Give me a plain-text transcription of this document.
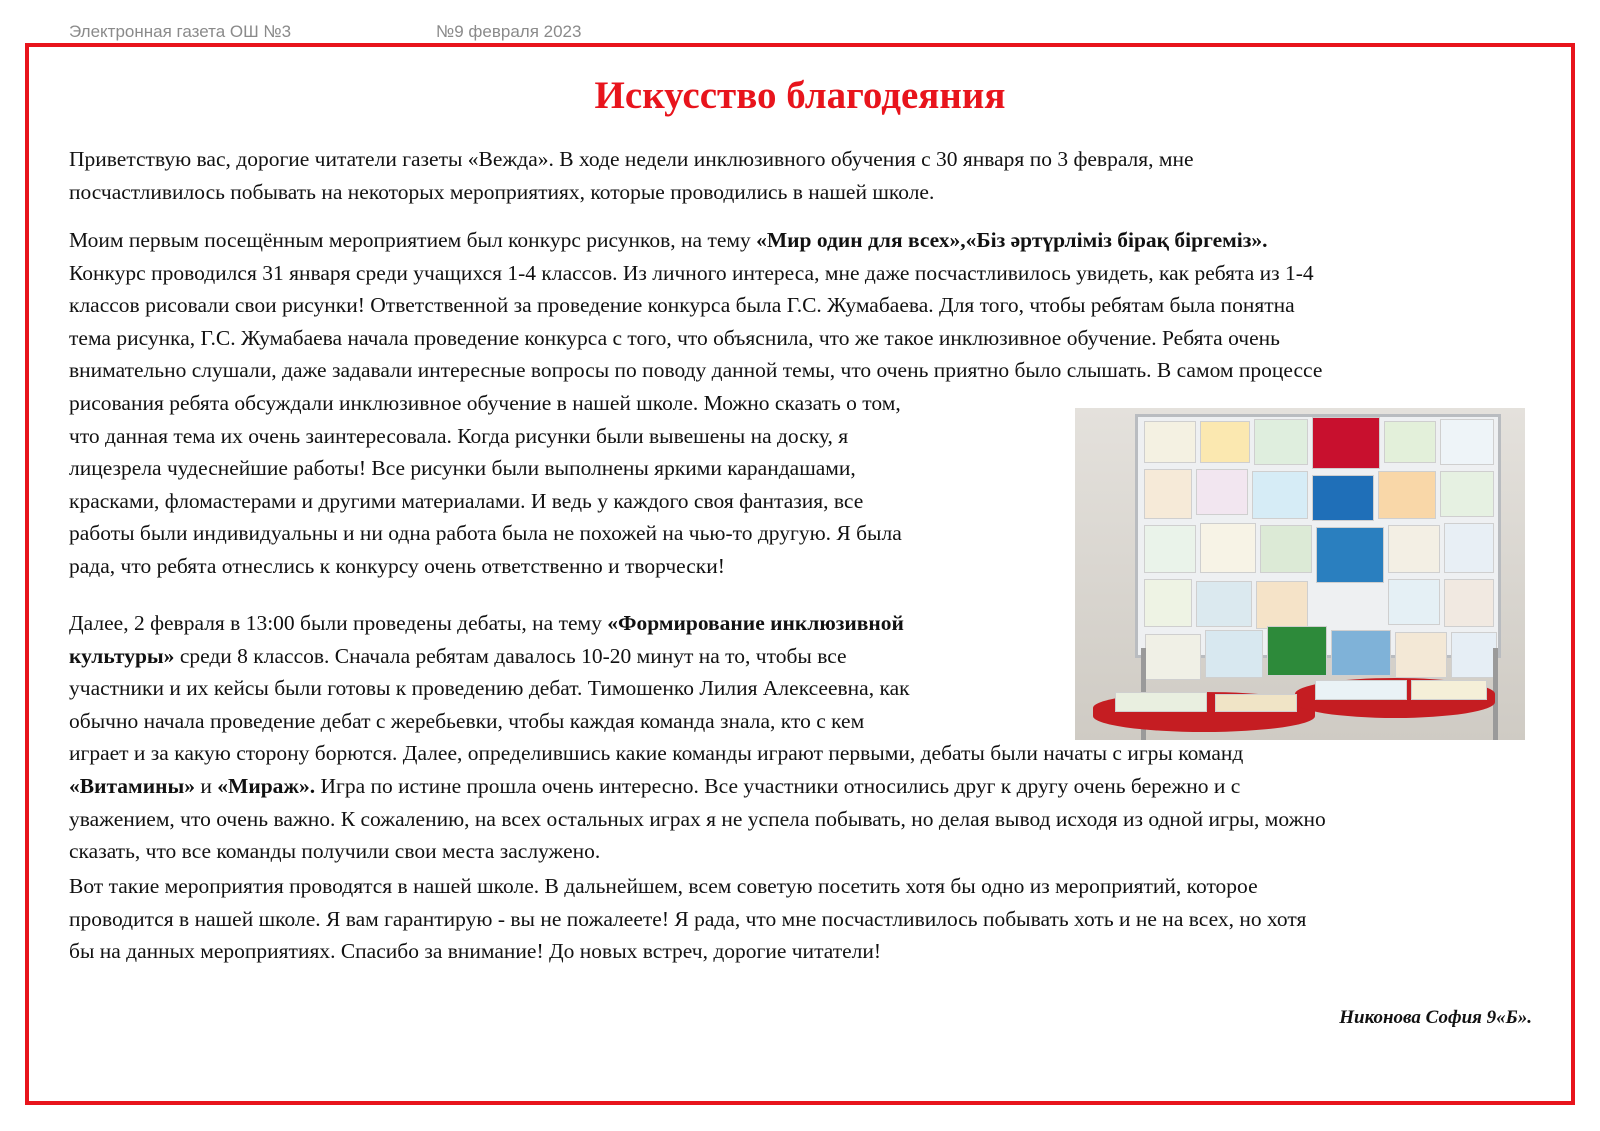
Электронная газета ОШ №3	№9 февраля 2023
Искусство благодеяния
Приветствую вас, дорогие читатели газеты «Вежда». В ходе недели инклюзивного обучения с 30 января по 3 февраля, мне
посчастливилось побывать на некоторых мероприятиях, которые проводились в нашей школе.
Моим первым посещённым мероприятием был конкурс рисунков, на тему «Мир один для всех»,«Біз әртүрліміз бірақ біргеміз».
Конкурс проводился 31 января среди учащихся 1-4 классов. Из личного интереса, мне даже посчастливилось увидеть, как ребята из 1-4
классов рисовали свои рисунки! Ответственной за проведение конкурса была Г.С. Жумабаева. Для того, чтобы ребятам была понятна
тема рисунка, Г.С. Жумабаева начала проведение конкурса с того, что объяснила, что же такое инклюзивное обучение. Ребята очень
внимательно слушали, даже задавали интересные вопросы по поводу данной темы, что очень приятно было слышать. В самом процессе
рисования ребята обсуждали инклюзивное обучение в нашей школе. Можно сказать о том,
что данная тема их очень заинтересовала. Когда рисунки были вывешены на доску, я
лицезрела чудеснейшие работы! Все рисунки были выполнены яркими карандашами,
красками, фломастерами и другими материалами. И ведь у каждого своя фантазия, все
работы были индивидуальны и ни одна работа была не похожей на чью-то другую. Я была
рада, что ребята отнеслись к конкурсу очень ответственно и творчески!
Далее, 2 февраля в 13:00 были проведены дебаты, на тему «Формирование инклюзивной
культуры» среди 8 классов. Сначала ребятам давалось 10-20 минут на то, чтобы все
участники и их кейсы были готовы к проведению дебат. Тимошенко Лилия Алексеевна, как
обычно начала проведение дебат с жеребьевки, чтобы каждая команда знала, кто с кем
играет и за какую сторону борются. Далее, определившись какие команды играют первыми, дебаты были начаты с игры команд
«Витамины» и «Мираж». Игра по истине прошла очень интересно. Все участники относились друг к другу очень бережно и с
уважением, что очень важно. К сожалению, на всех остальных играх я не успела побывать, но делая вывод исходя из одной игры, можно
сказать, что все команды получили свои места заслужено.
Вот такие мероприятия проводятся в нашей школе. В дальнейшем, всем советую посетить хотя бы одно из мероприятий, которое
проводится в нашей школе. Я вам гарантирую - вы не пожалеете! Я рада, что мне посчастливилось побывать хоть и не на всех, но хотя
бы на данных мероприятиях. Спасибо за внимание! До новых встреч, дорогие читатели!
Никонова София 9«Б».
